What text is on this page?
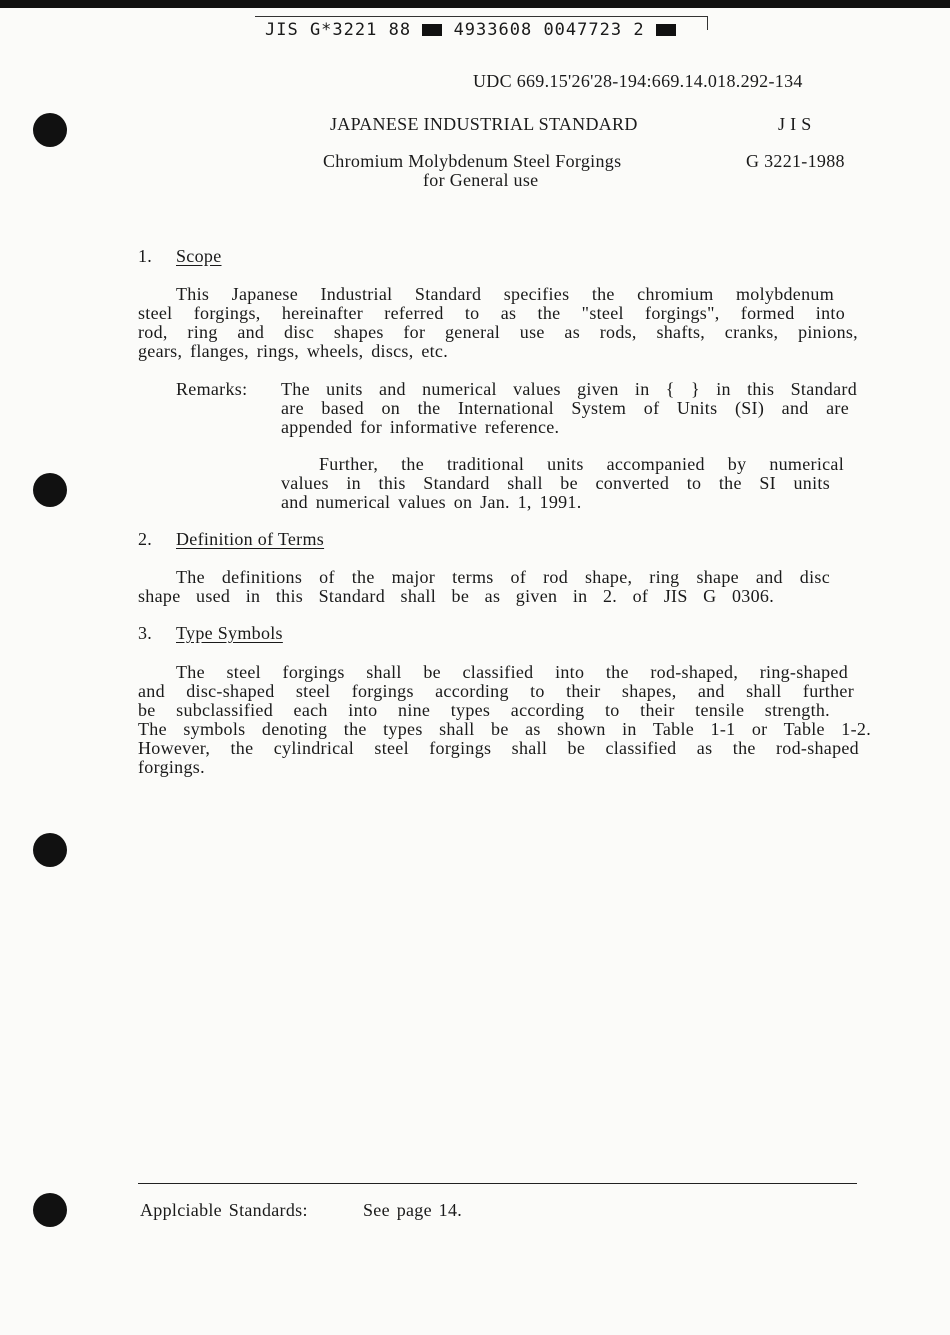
JIS G*3221 88	4933608 0047723 2
UDC 669.15'26'28-194:669.14.018.292-134
JAPANESE INDUSTRIAL STANDARD	J I S
Chromium Molybdenum Steel Forgings	G 3221-1988
for General use
1. Scope
This Japanese Industrial Standard specifies the chromium molybdenum
steel forgings, hereinafter referred to as the "steel forgings", formed into
rod, ring and disc shapes for general use as rods, shafts, cranks, pinions,
gears, flanges, rings, wheels, discs, etc.
Remarks: The units and numerical values given in { } in this Standard
are based on the International System of Units (SI) and are
appended for informative reference.
Further, the traditional units accompanied by numerical
values in this Standard shall be converted to the SI units
and numerical values on Jan. 1, 1991.
2. Definition of Terms
The definitions of the major terms of rod shape, ring shape and disc
shape used in this Standard shall be as given in 2. of JIS G 0306.
3. Type Symbols
The steel forgings shall be classified into the rod-shaped, ring-shaped
and disc-shaped steel forgings according to their shapes, and shall further
be subclassified each into nine types according to their tensile strength.
The symbols denoting the types shall be as shown in Table 1-1 or Table 1-2.
However, the cylindrical steel forgings shall be classified as the rod-shaped
forgings.
Applciable Standards:	See page 14.
